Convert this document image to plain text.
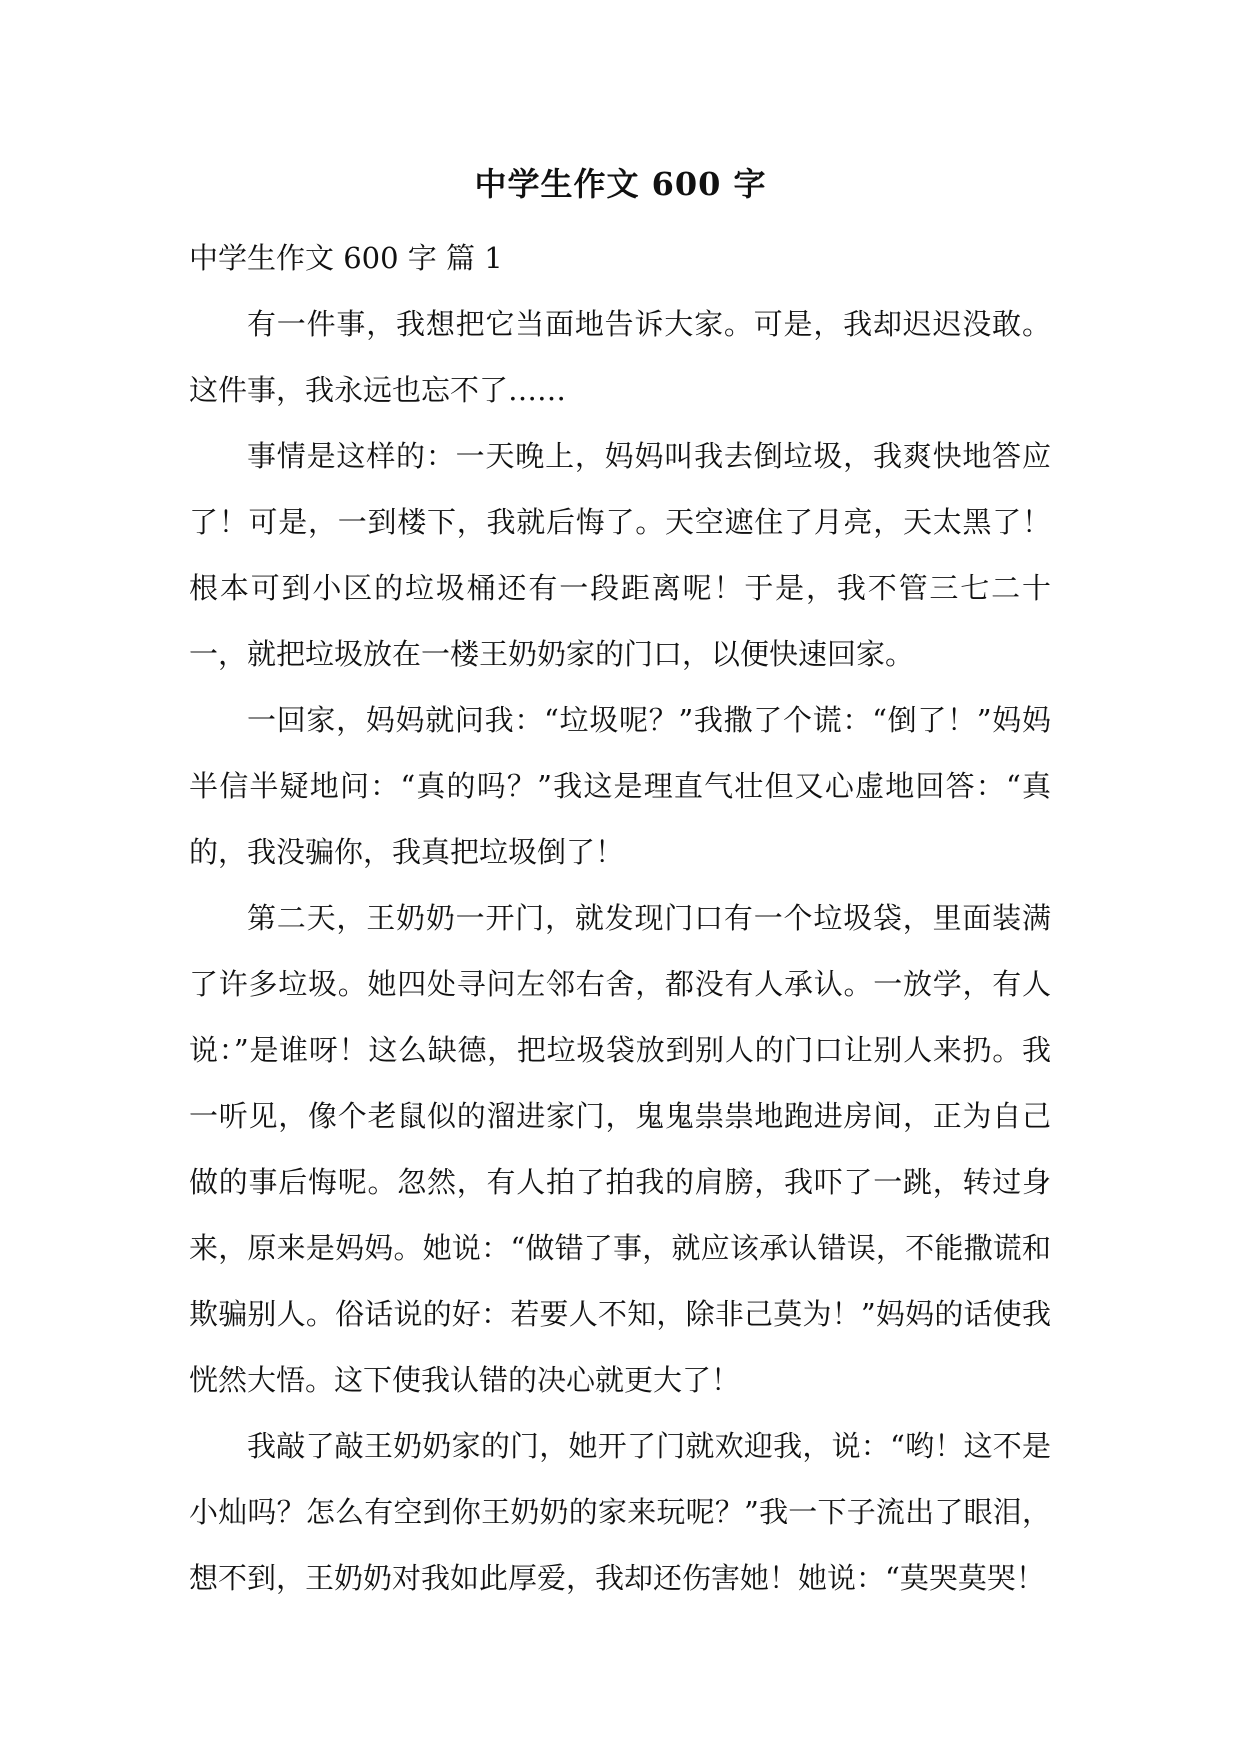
中学生作文 600 字

中学生作文 600 字 篇 1

有一件事，我想把它当面地告诉大家。可是，我却迟迟没敢。这件事，我永远也忘不了……

事情是这样的：一天晚上，妈妈叫我去倒垃圾，我爽快地答应了！可是，一到楼下，我就后悔了。天空遮住了月亮，天太黑了！根本可到小区的垃圾桶还有一段距离呢！于是，我不管三七二十一，就把垃圾放在一楼王奶奶家的门口，以便快速回家。

一回家，妈妈就问我：“垃圾呢？”我撒了个谎：“倒了！”妈妈半信半疑地问：“真的吗？”我这是理直气壮但又心虚地回答：“真的，我没骗你，我真把垃圾倒了！

第二天，王奶奶一开门，就发现门口有一个垃圾袋，里面装满了许多垃圾。她四处寻问左邻右舍，都没有人承认。一放学，有人说：”是谁呀！这么缺德，把垃圾袋放到别人的门口让别人来扔。我一听见，像个老鼠似的溜进家门，鬼鬼祟祟地跑进房间，正为自己做的事后悔呢。忽然，有人拍了拍我的肩膀，我吓了一跳，转过身来，原来是妈妈。她说：“做错了事，就应该承认错误，不能撒谎和欺骗别人。俗话说的好：若要人不知，除非己莫为！”妈妈的话使我恍然大悟。这下使我认错的决心就更大了！

我敲了敲王奶奶家的门，她开了门就欢迎我，说：“哟！这不是小灿吗？怎么有空到你王奶奶的家来玩呢？”我一下子流出了眼泪，想不到，王奶奶对我如此厚爱，我却还伤害她！她说：“莫哭莫哭！
